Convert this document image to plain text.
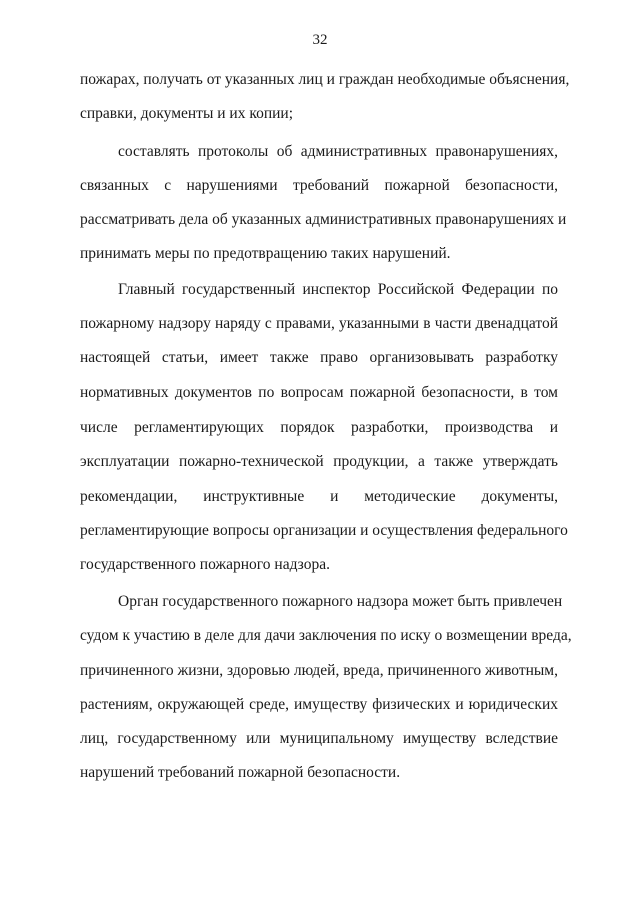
32
пожарах, получать от указанных лиц и граждан необходимые объяснения,
справки, документы и их копии;
составлять протоколы об административных правонарушениях,
связанных с нарушениями требований пожарной безопасности,
рассматривать дела об указанных административных правонарушениях и
принимать меры по предотвращению таких нарушений.
Главный государственный инспектор Российской Федерации по
пожарному надзору наряду с правами, указанными в части двенадцатой
настоящей статьи, имеет также право организовывать разработку
нормативных документов по вопросам пожарной безопасности, в том
числе регламентирующих порядок разработки, производства и
эксплуатации пожарно-технической продукции, а также утверждать
рекомендации, инструктивные и методические документы,
регламентирующие вопросы организации и осуществления федерального
государственного пожарного надзора.
Орган государственного пожарного надзора может быть привлечен
судом к участию в деле для дачи заключения по иску о возмещении вреда,
причиненного жизни, здоровью людей, вреда, причиненного животным,
растениям, окружающей среде, имуществу физических и юридических
лиц, государственному или муниципальному имуществу вследствие
нарушений требований пожарной безопасности.
